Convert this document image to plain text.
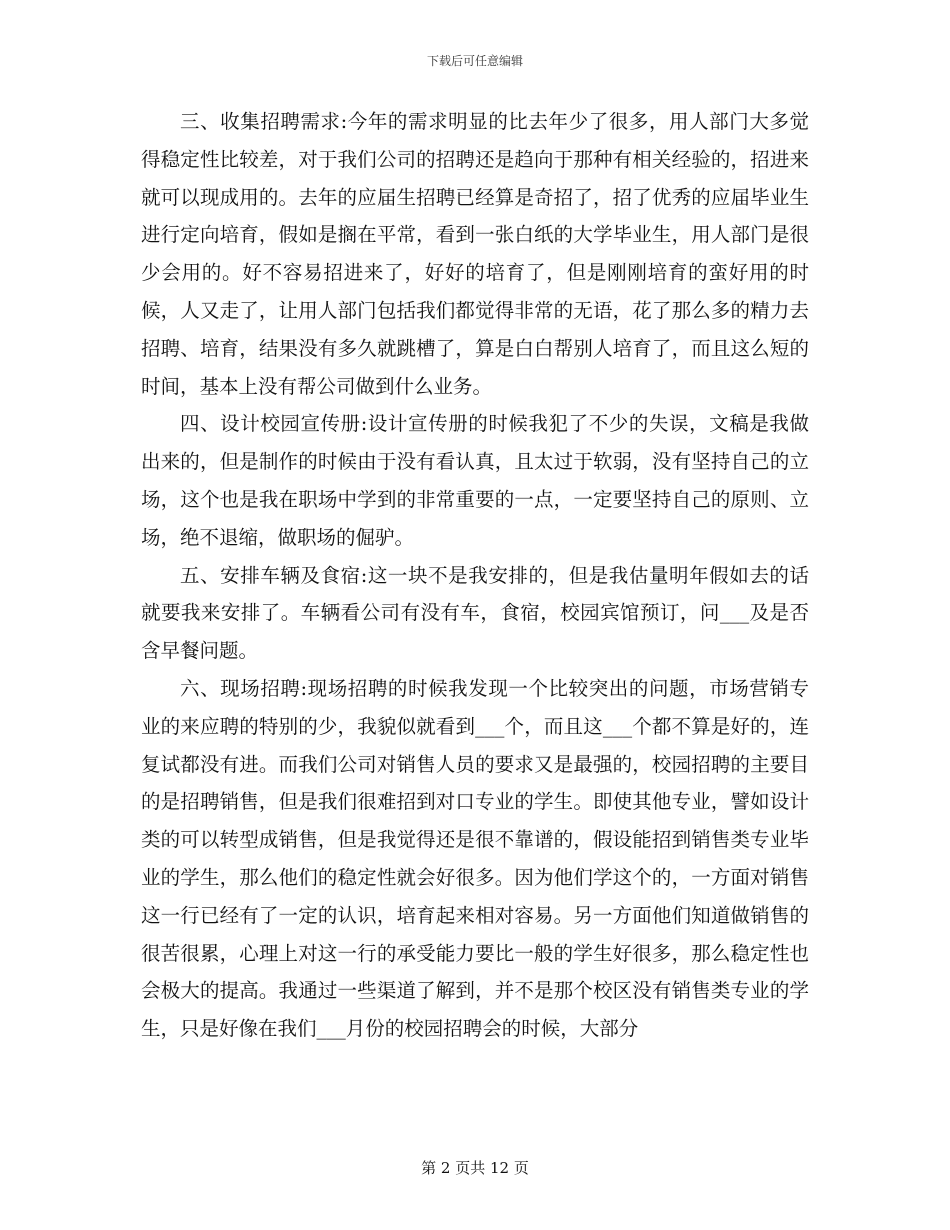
下载后可任意编辑

三、收集招聘需求:今年的需求明显的比去年少了很多，用人部门大多觉得稳定性比较差，对于我们公司的招聘还是趋向于那种有相关经验的，招进来就可以现成用的。去年的应届生招聘已经算是奇招了，招了优秀的应届毕业生进行定向培育，假如是搁在平常，看到一张白纸的大学毕业生，用人部门是很少会用的。好不容易招进来了，好好的培育了，但是刚刚培育的蛮好用的时候，人又走了，让用人部门包括我们都觉得非常的无语，花了那么多的精力去招聘、培育，结果没有多久就跳槽了，算是白白帮别人培育了，而且这么短的时间，基本上没有帮公司做到什么业务。

四、设计校园宣传册:设计宣传册的时候我犯了不少的失误，文稿是我做出来的，但是制作的时候由于没有看认真，且太过于软弱，没有坚持自己的立场，这个也是我在职场中学到的非常重要的一点，一定要坚持自己的原则、立场，绝不退缩，做职场的倔驴。

五、安排车辆及食宿:这一块不是我安排的，但是我估量明年假如去的话就要我来安排了。车辆看公司有没有车，食宿，校园宾馆预订，问___及是否含早餐问题。

六、现场招聘:现场招聘的时候我发现一个比较突出的问题，市场营销专业的来应聘的特别的少，我貌似就看到___个，而且这___个都不算是好的，连复试都没有进。而我们公司对销售人员的要求又是最强的，校园招聘的主要目的是招聘销售，但是我们很难招到对口专业的学生。即使其他专业，譬如设计类的可以转型成销售，但是我觉得还是很不靠谱的，假设能招到销售类专业毕业的学生，那么他们的稳定性就会好很多。因为他们学这个的，一方面对销售这一行已经有了一定的认识，培育起来相对容易。另一方面他们知道做销售的很苦很累，心理上对这一行的承受能力要比一般的学生好很多，那么稳定性也会极大的提高。我通过一些渠道了解到，并不是那个校区没有销售类专业的学生，只是好像在我们___月份的校园招聘会的时候，大部分

第 2 页共 12 页
